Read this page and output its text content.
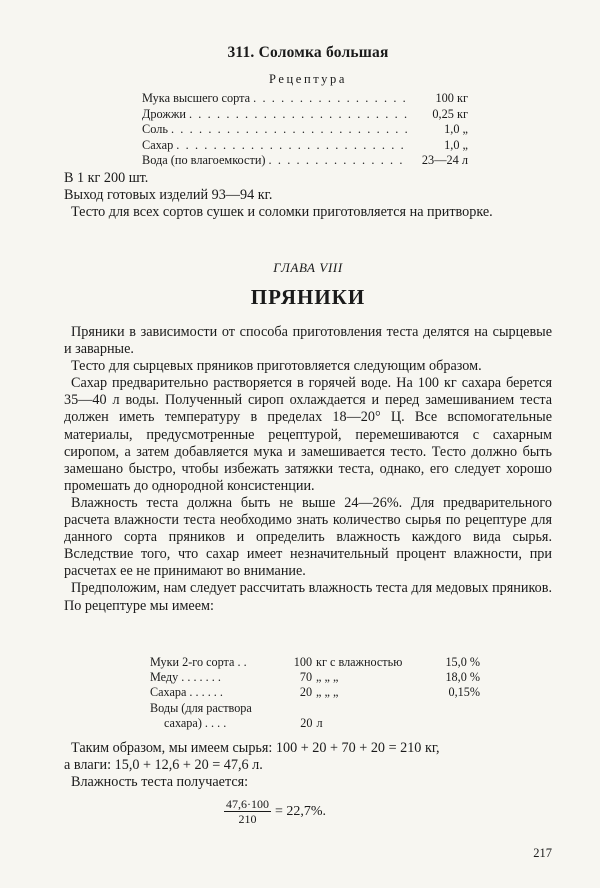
311. Соломка большая
Рецептура
Мука высшего сорта . . .	100 кг
Дрожжи . . .	0,25 кг
Соль . . .	1,0 „
Сахар . . .	1,0 „
Вода (по влагоемкости) . . .	23—24 л
В 1 кг 200 шт.
Выход готовых изделий 93—94 кг.
Тесто для всех сортов сушек и соломки приготовляется на притворке.
ГЛАВА VIII
ПРЯНИКИ

Пряники в зависимости от способа приготовления теста делятся на сырцевые и заварные.

Тесто для сырцевых пряников приготовляется следующим образом.

Сахар предварительно растворяется в горячей воде. На 100 кг сахара берется 35—40 л воды. Полученный сироп охлаждается и перед замешиванием теста должен иметь температуру в пределах 18—20° Ц. Все вспомогательные материалы, предусмотренные рецептурой, перемешиваются с сахарным сиропом, а затем добавляется мука и замешивается тесто. Тесто должно быть замешано быстро, чтобы избежать затяжки теста, однако, его следует хорошо промешать до однородной консистенции.

Влажность теста должна быть не выше 24—26%. Для предварительного расчета влажности теста необходимо знать количество сырья по рецептуре для данного сорта пряников и определить влажность каждого вида сырья. Вследствие того, что сахар имеет незначительный процент влажности, при расчетах ее не принимают во внимание.

Предположим, нам следует рассчитать влажность теста для медовых пряников. По рецептуре мы имеем:

Муки 2-го сорта . .	100 кг с влажностью	15,0 %
Меду . . . . . . .	70 „ „ „	18,0 %
Сахара . . . . . .	20 „ „ „	0,15%
Воды (для раствора
сахара) . . . .	20 л
Таким образом, мы имеем сырья: 100 + 20 + 70 + 20 = 210 кг,
а влаги: 15,0 + 12,6 + 20 = 47,6 л.
Влажность теста получается:
$\frac{47,6\cdot 100}{210} = 22,7\%$.
217
